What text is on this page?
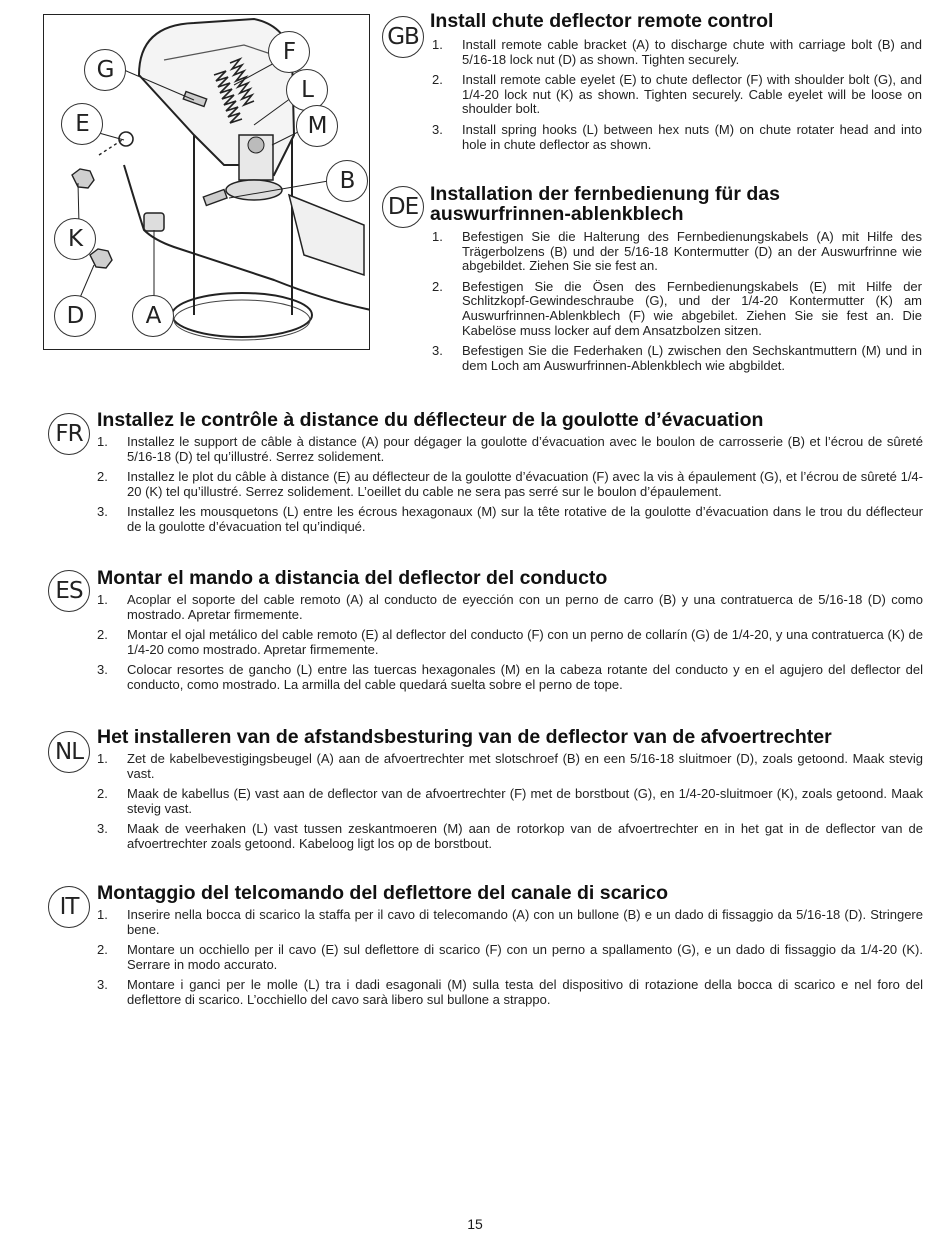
G
F
L
M
E
B
K
D	A
GB
Install chute deflector remote control
1. Install remote cable bracket (A) to discharge chute with carriage bolt (B) and 5/16-18 lock nut (D) as shown. Tighten securely.
2. Install remote cable eyelet (E) to chute deflector (F) with shoulder bolt (G), and 1/4-20 lock nut (K) as shown. Tighten securely. Cable eyelet will be loose on shoulder bolt.
3. Install spring hooks (L) between hex nuts (M) on chute rotater head and into hole in chute deflector as shown.
DE Installation der fernbedienung für das auswurfrinnen-ablenkblech
1. Befestigen Sie die Halterung des Fernbedienungskabels (A) mit Hilfe des Trägerbolzens (B) und der 5/16-18 Kontermutter (D) an der Auswurfrinne wie abgebildet. Ziehen Sie sie fest an.
2. Befestigen Sie die Ösen des Fernbedienungskabels (E) mit Hilfe der Schlitzkopf-Gewindeschraube (G), und der 1/4-20 Kontermutter (K) am Auswurfrinnen-Ablenkblech (F) wie abgebilet. Ziehen Sie sie fest an. Die Kabelöse muss locker auf dem Ansatzbolzen sitzen.
3. Befestigen Sie die Federhaken (L) zwischen den Sechskantmuttern (M) und in dem Loch am Auswurfrinnen-Ablenkblech wie abgbildet.
FR
Installez le contrôle à distance du déflecteur de la goulotte d’évacuation
1. Installez le support de câble à distance (A) pour dégager la goulotte d’évacuation avec le boulon de carrosserie (B) et l’écrou de sûreté 5/16-18 (D) tel qu’illustré. Serrez solidement.
2. Installez le plot du câble à distance (E) au déflecteur de la goulotte d’évacuation (F) avec la vis à épaulement (G), et l’écrou de sûreté 1/4-20 (K) tel qu’illustré. Serrez solidement. L’oeillet du cable ne sera pas serré sur le boulon d’épaulement.
3. Installez les mousquetons (L) entre les écrous hexagonaux (M) sur la tête rotative de la goulotte d’évacuation dans le trou du déflecteur de la goulotte d’évacuation tel qu’indiqué.
ES Montar el mando a distancia del deflector del conducto
1. Acoplar el soporte del cable remoto (A) al conducto de eyección con un perno de carro (B) y una contratuerca de 5/16-18 (D) como mostrado. Apretar firmemente.
2. Montar el ojal metálico del cable remoto (E) al deflector del conducto (F) con un perno de collarín (G) de 1/4-20, y una contratuerca (K) de 1/4-20 como mostrado. Apretar firmemente.
3. Colocar resortes de gancho (L) entre las tuercas hexagonales (M) en la cabeza rotante del conducto y en el agujero del deflector del conducto, como mostrado. La armilla del cable quedará suelta sobre el perno de tope.
NL
Het installeren van de afstandsbesturing van de deflector van de afvoertrechter
1. Zet de kabelbevestigingsbeugel (A) aan de afvoertrechter met slotschroef (B) en een 5/16-18 sluitmoer (D), zoals getoond. Maak stevig vast.
2. Maak de kabellus (E) vast aan de deflector van de afvoertrechter (F) met de borstbout (G), en 1/4-20-sluitmoer (K), zoals getoond. Maak stevig vast.
3. Maak de veerhaken (L) vast tussen zeskantmoeren (M) aan de rotorkop van de afvoertrechter en in het gat in de deflector van de afvoertrechter zoals getoond. Kabeloog ligt los op de borstbout.
IT
Montaggio del telcomando del deflettore del canale di scarico
1. Inserire nella bocca di scarico la staffa per il cavo di telecomando (A) con un bullone (B) e un dado di fissaggio da 5/16-18 (D). Stringere bene.
2. Montare un occhiello per il cavo (E) sul deflettore di scarico (F) con un perno a spallamento (G), e un dado di fissaggio da 1/4-20 (K). Serrare in modo accurato.
3. Montare i ganci per le molle (L) tra i dadi esagonali (M) sulla testa del dispositivo di rotazione della bocca di scarico e nel foro del deflettore di scarico. L’occhiello del cavo sarà libero sul bullone a strappo.
15
